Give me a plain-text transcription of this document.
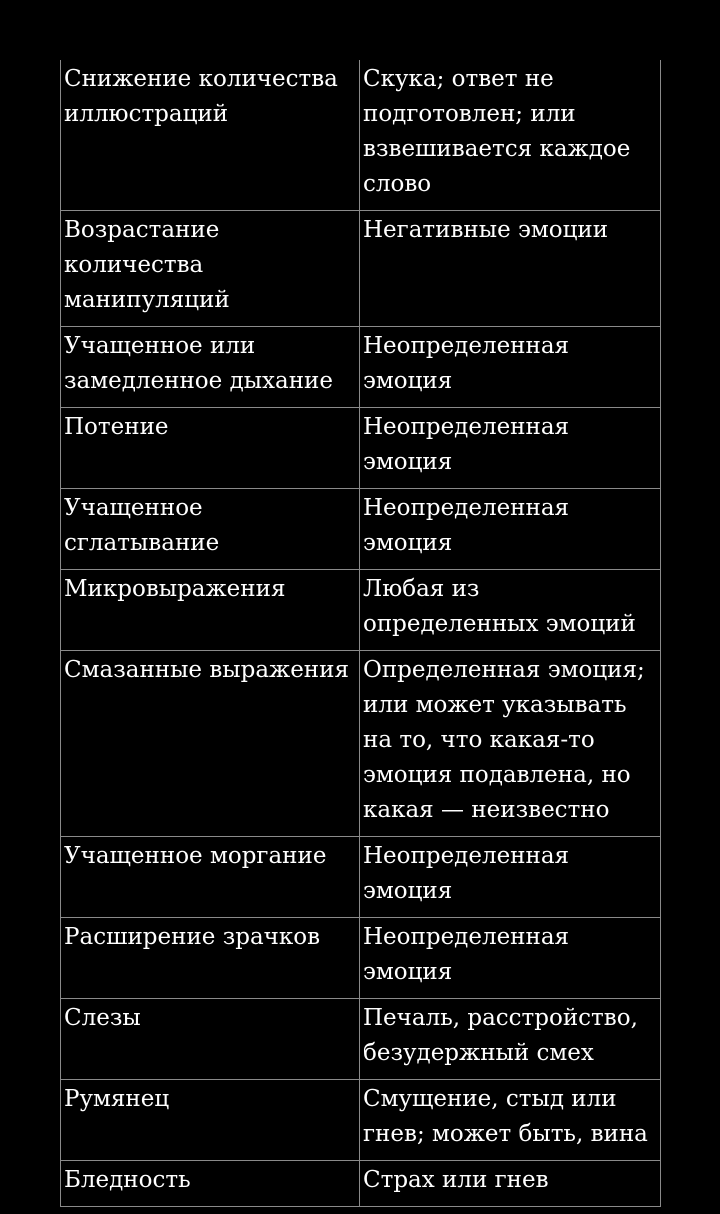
Снижение количества иллюстраций	Скука; ответ не подготовлен; или взвешивается каждое слово
Возрастание количества манипуляций	Негативные эмоции
Учащенное или замедленное дыхание	Неопределенная эмоция
Потение	Неопределенная эмоция
Учащенное сглатывание	Неопределенная эмоция
Микровыражения	Любая из определенных эмоций
Смазанные выражения	Определенная эмоция; или может указывать на то, что какая-то эмоция подавлена, но какая — неизвестно
Учащенное моргание	Неопределенная эмоция
Расширение зрачков	Неопределенная эмоция
Слезы	Печаль, расстройство, безудержный смех
Румянец	Смущение, стыд или гнев; может быть, вина
Бледность	Страх или гнев
